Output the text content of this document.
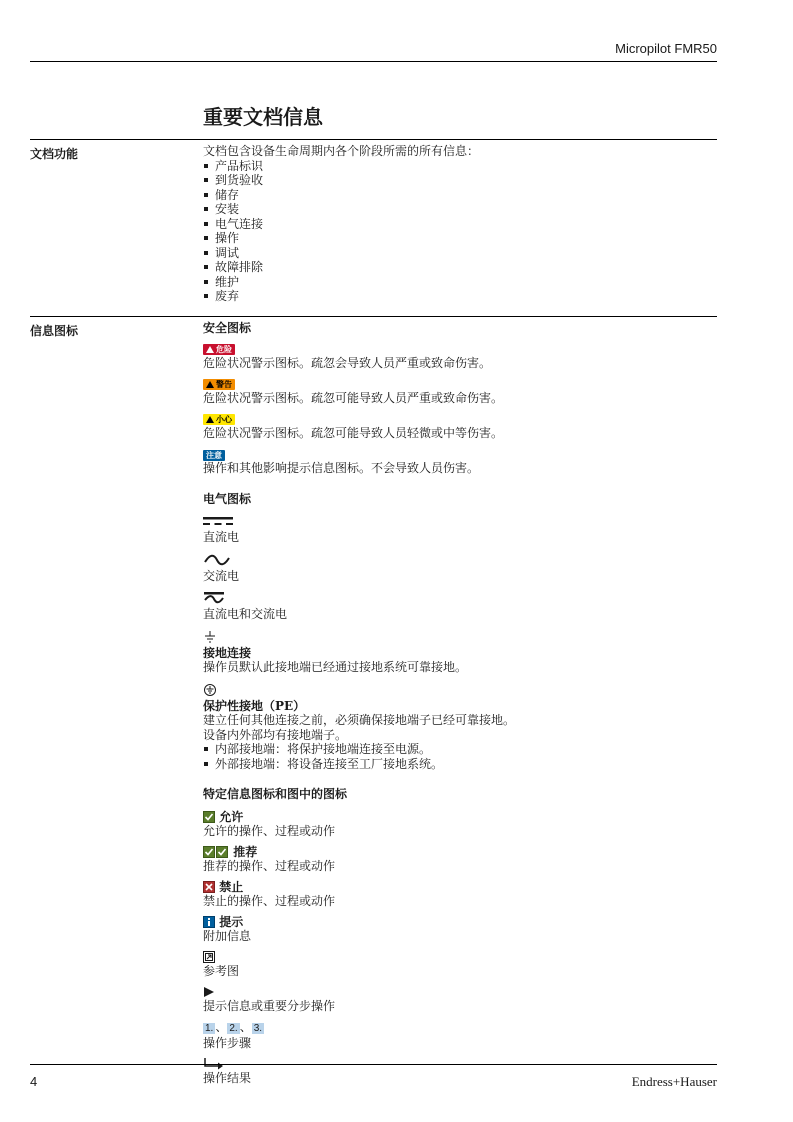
Micropilot FMR50
重要文档信息
文档功能	文档包含设备生命周期内各个阶段所需的所有信息：
产品标识
到货验收
储存
安装
电气连接
操作
调试
故障排除
维护
废弃
信息图标	安全图标
危险
危险状况警示图标。疏忽会导致人员严重或致命伤害。
警告
危险状况警示图标。疏忽可能导致人员严重或致命伤害。
小心
危险状况警示图标。疏忽可能导致人员轻微或中等伤害。
注意
操作和其他影响提示信息图标。不会导致人员伤害。
电气图标
直流电
交流电
直流电和交流电
接地连接
操作员默认此接地端已经通过接地系统可靠接地。
保护性接地（PE）
建立任何其他连接之前，必须确保接地端子已经可靠接地。
设备内外部均有接地端子。
内部接地端：将保护接地端连接至电源。
外部接地端：将设备连接至工厂接地系统。
特定信息图标和图中的图标
允许
允许的操作、过程或动作
推荐
推荐的操作、过程或动作
禁止
禁止的操作、过程或动作
提示
附加信息
参考图
提示信息或重要分步操作
1. 、 2. 、 3.
操作步骤
操作结果
4	Endress+Hauser
